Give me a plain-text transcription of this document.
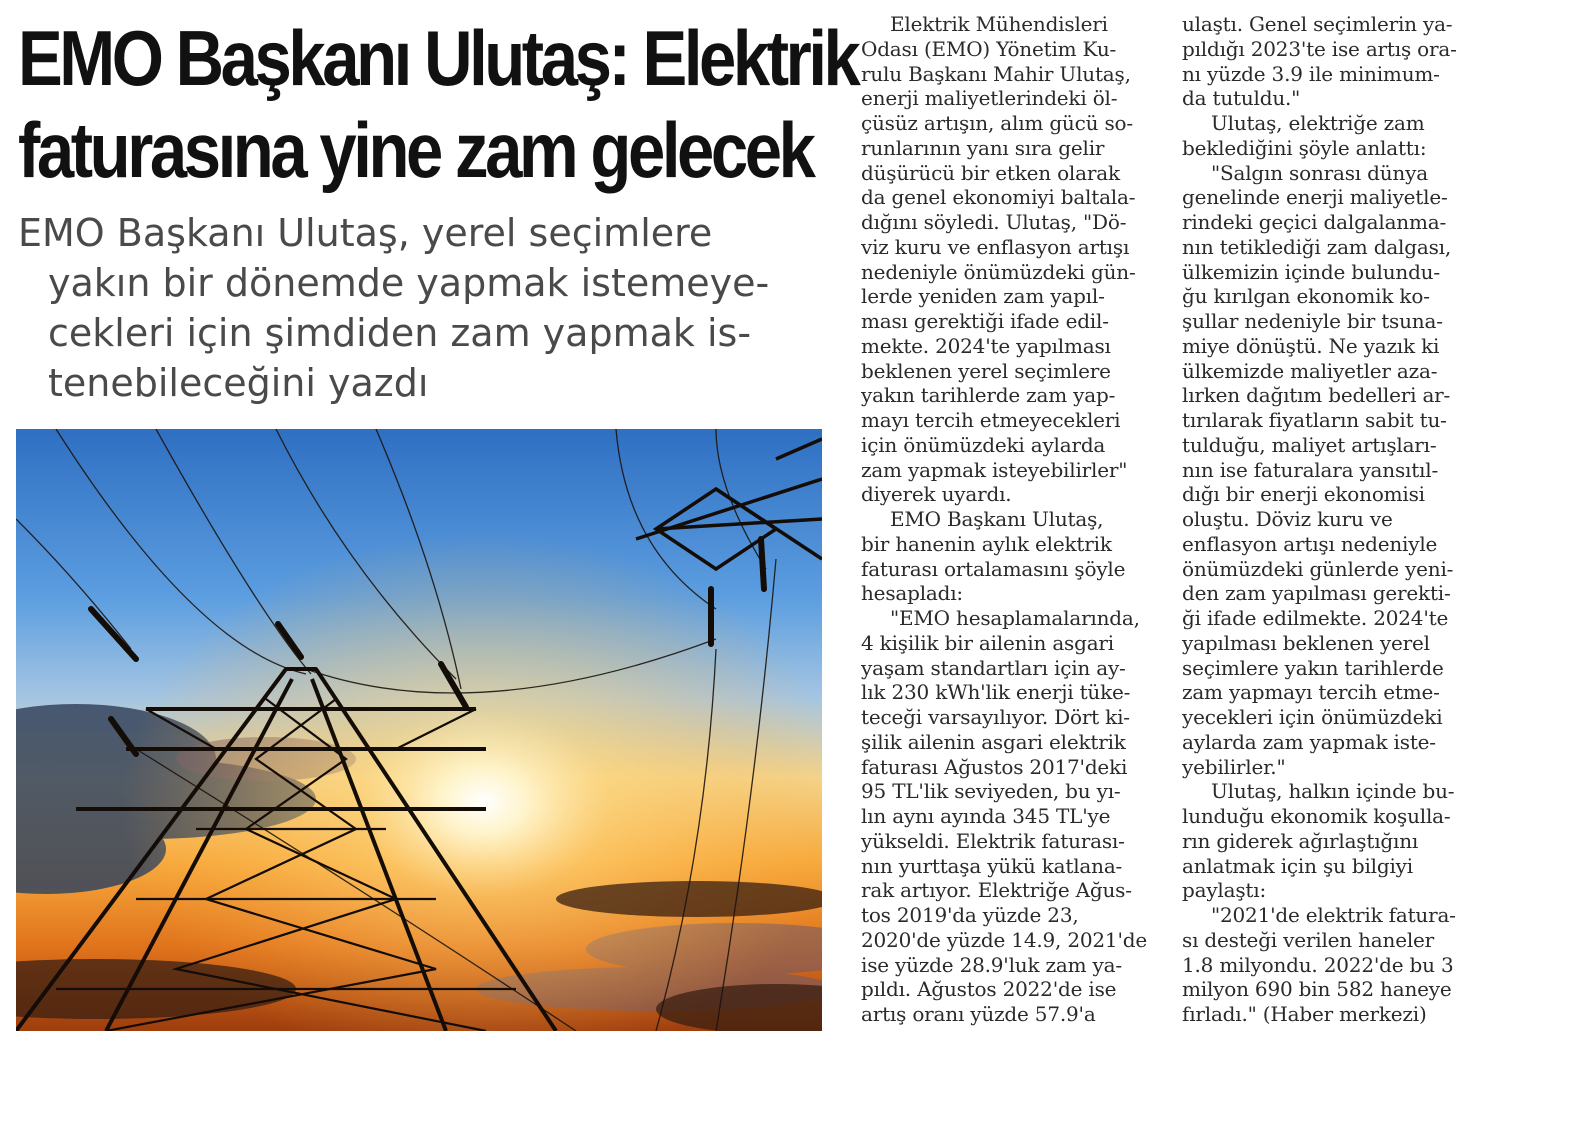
EMO Başkanı Ulutaş: Elektrik
faturasına yine zam gelecek
EMO Başkanı Ulutaş, yerel seçimlere
yakın bir dönemde yapmak istemeye-
cekleri için şimdiden zam yapmak is-
tenebileceğini yazdı
Elektrik Mühendisleri
Odası (EMO) Yönetim Ku-
rulu Başkanı Mahir Ulutaş,
enerji maliyetlerindeki öl-
çüsüz artışın, alım gücü so-
runlarının yanı sıra gelir
düşürücü bir etken olarak
da genel ekonomiyi baltala-
dığını söyledi. Ulutaş, "Dö-
viz kuru ve enflasyon artışı
nedeniyle önümüzdeki gün-
lerde yeniden zam yapıl-
ması gerektiği ifade edil-
mekte. 2024'te yapılması
beklenen yerel seçimlere
yakın tarihlerde zam yap-
mayı tercih etmeyecekleri
için önümüzdeki aylarda
zam yapmak isteyebilirler"
diyerek uyardı.
EMO Başkanı Ulutaş,
bir hanenin aylık elektrik
faturası ortalamasını şöyle
hesapladı:
"EMO hesaplamalarında,
4 kişilik bir ailenin asgari
yaşam standartları için ay-
lık 230 kWh'lik enerji tüke-
teceği varsayılıyor. Dört ki-
şilik ailenin asgari elektrik
faturası Ağustos 2017'deki
95 TL'lik seviyeden, bu yı-
lın aynı ayında 345 TL'ye
yükseldi. Elektrik faturası-
nın yurttaşa yükü katlana-
rak artıyor. Elektriğe Ağus-
tos 2019'da yüzde 23,
2020'de yüzde 14.9, 2021'de
ise yüzde 28.9'luk zam ya-
pıldı. Ağustos 2022'de ise
artış oranı yüzde 57.9'a
ulaştı. Genel seçimlerin ya-
pıldığı 2023'te ise artış ora-
nı yüzde 3.9 ile minimum-
da tutuldu."
Ulutaş, elektriğe zam
beklediğini şöyle anlattı:
"Salgın sonrası dünya
genelinde enerji maliyetle-
rindeki geçici dalgalanma-
nın tetiklediği zam dalgası,
ülkemizin içinde bulundu-
ğu kırılgan ekonomik ko-
şullar nedeniyle bir tsuna-
miye dönüştü. Ne yazık ki
ülkemizde maliyetler aza-
lırken dağıtım bedelleri ar-
tırılarak fiyatların sabit tu-
tulduğu, maliyet artışları-
nın ise faturalara yansıtıl-
dığı bir enerji ekonomisi
oluştu. Döviz kuru ve
enflasyon artışı nedeniyle
önümüzdeki günlerde yeni-
den zam yapılması gerekti-
ği ifade edilmekte. 2024'te
yapılması beklenen yerel
seçimlere yakın tarihlerde
zam yapmayı tercih etme-
yecekleri için önümüzdeki
aylarda zam yapmak iste-
yebilirler."
Ulutaş, halkın içinde bu-
lunduğu ekonomik koşulla-
rın giderek ağırlaştığını
anlatmak için şu bilgiyi
paylaştı:
"2021'de elektrik fatura-
sı desteği verilen haneler
1.8 milyondu. 2022'de bu 3
milyon 690 bin 582 haneye
fırladı." (Haber merkezi)
